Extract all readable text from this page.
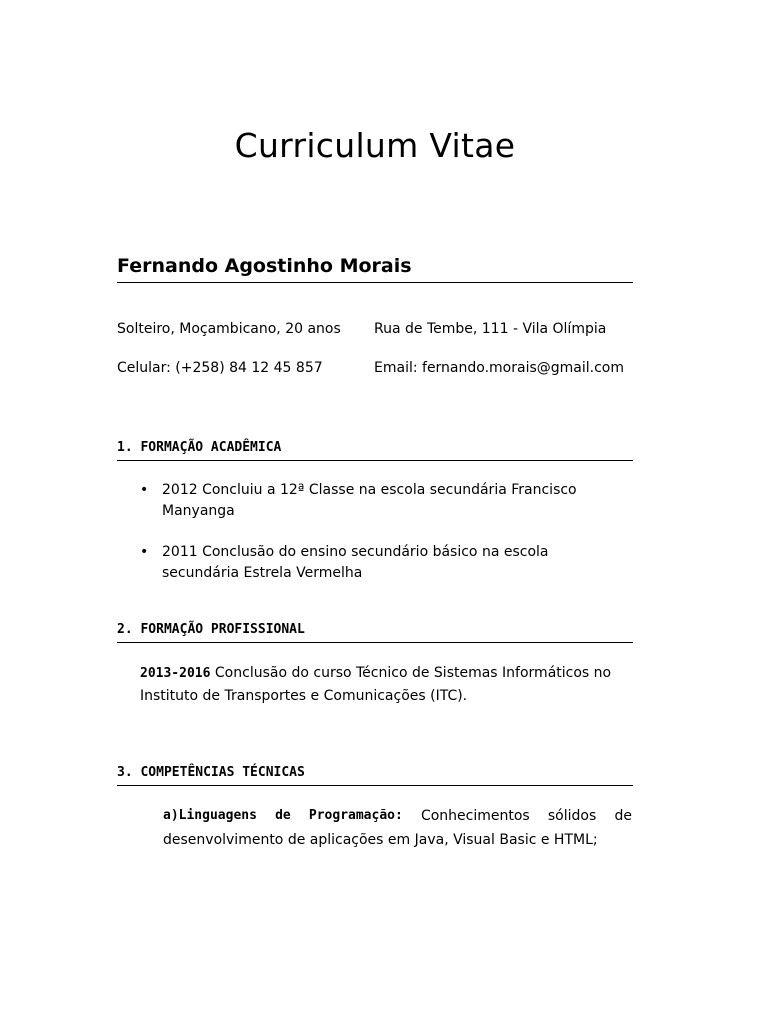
Curriculum Vitae
Fernando Agostinho Morais
Solteiro, Moçambicano, 20 anos Rua de Tembe, 111 - Vila Olímpia
Celular: (+258) 84 12 45 857	Email: fernando.morais@gmail.com
1. FORMAÇÃO ACADÊMICA
• 2012 Concluiu a 12ª Classe na escola secundária Francisco Manyanga
• 2011 Conclusão do ensino secundário básico na escola secundária Estrela Vermelha
2. FORMAÇÃO PROFISSIONAL
2013-2016 Conclusão do curso Técnico de Sistemas Informáticos no Instituto de Transportes e Comunicações (ITC).
3. COMPETÊNCIAS TÉCNICAS
a)Linguagens de Programação: Conhecimentos sólidos de
desenvolvimento de aplicações em Java, Visual Basic e HTML;
